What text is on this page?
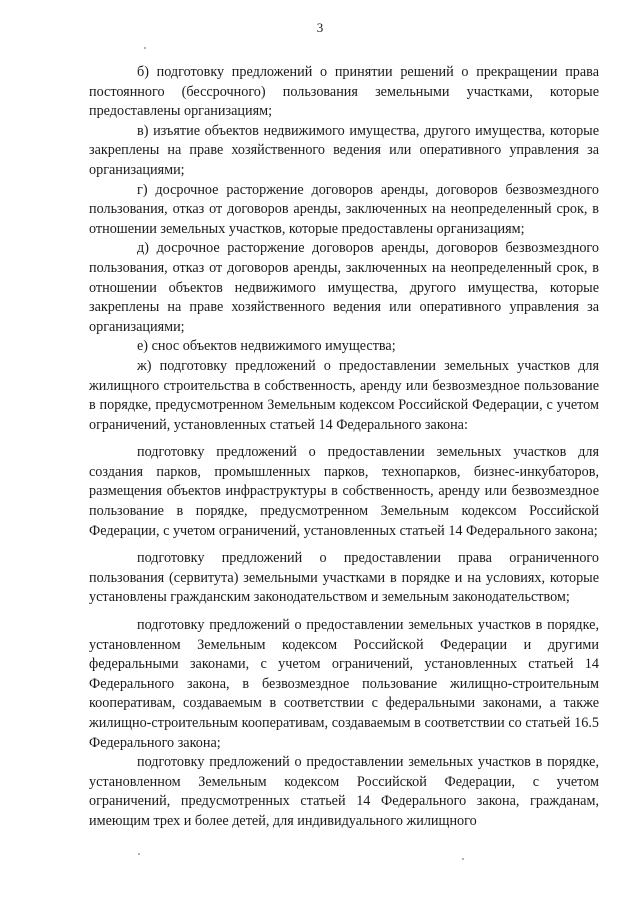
3

б) подготовку предложений о принятии решений о прекращении права постоянного (бессрочного) пользования земельными участками, которые предоставлены организациям;

в) изъятие объектов недвижимого имущества, другого имущества, которые закреплены на праве хозяйственного ведения или оперативного управления за организациями;

г) досрочное расторжение договоров аренды, договоров безвозмездного пользования, отказ от договоров аренды, заключенных на неопределенный срок, в отношении земельных участков, которые предоставлены организациям;

д) досрочное расторжение договоров аренды, договоров безвозмездного пользования, отказ от договоров аренды, заключенных на неопределенный срок, в отношении объектов недвижимого имущества, другого имущества, которые закреплены на праве хозяйственного ведения или оперативного управления за организациями;

е) снос объектов недвижимого имущества;

ж) подготовку предложений о предоставлении земельных участков для жилищного строительства в собственность, аренду или безвозмездное пользование в порядке, предусмотренном Земельным кодексом Российской Федерации, с учетом ограничений, установленных статьей 14 Федерального закона:

подготовку предложений о предоставлении земельных участков для создания парков, промышленных парков, технопарков, бизнес-инкубаторов, размещения объектов инфраструктуры в собственность, аренду или безвозмездное пользование в порядке, предусмотренном Земельным кодексом Российской Федерации, с учетом ограничений, установленных статьей 14 Федерального закона;

подготовку предложений о предоставлении права ограниченного пользования (сервитута) земельными участками в порядке и на условиях, которые установлены гражданским законодательством и земельным законодательством;

подготовку предложений о предоставлении земельных участков в порядке, установленном Земельным кодексом Российской Федерации и другими федеральными законами, с учетом ограничений, установленных статьей 14 Федерального закона, в безвозмездное пользование жилищно-строительным кооперативам, создаваемым в соответствии с федеральными законами, а также жилищно-строительным кооперативам, создаваемым в соответствии со статьей 16.5 Федерального закона;

подготовку предложений о предоставлении земельных участков в порядке, установленном Земельным кодексом Российской Федерации, с учетом ограничений, предусмотренных статьей 14 Федерального закона, гражданам, имеющим трех и более детей, для индивидуального жилищного
